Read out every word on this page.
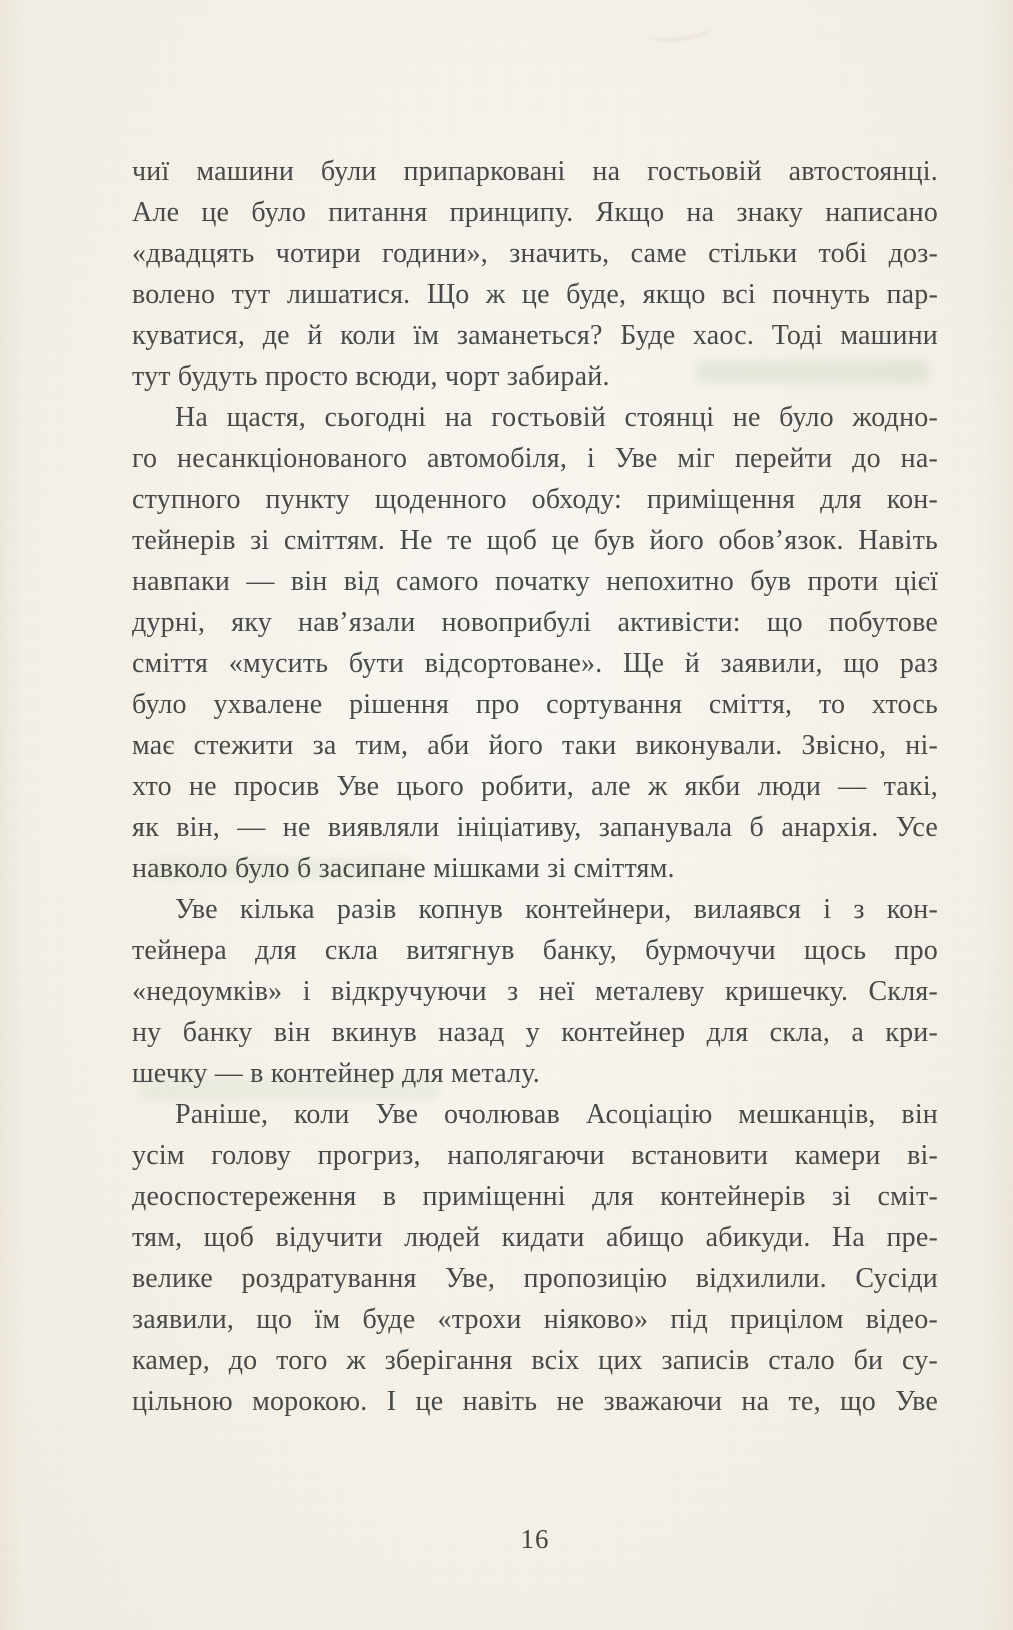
чиї машини були припарковані на гостьовій автостоянці.
Але це було питання принципу. Якщо на знаку написано
«двадцять чотири години», значить, саме стільки тобі доз-
волено тут лишатися. Що ж це буде, якщо всі почнуть пар-
куватися, де й коли їм заманеться? Буде хаос. Тоді машини
тут будуть просто всюди, чорт забирай.
На щастя, сьогодні на гостьовій стоянці не було жодно-
го несанкціонованого автомобіля, і Уве міг перейти до на-
ступного пункту щоденного обходу: приміщення для кон-
тейнерів зі сміттям. Не те щоб це був його обов’язок. Навіть
навпаки — він від самого початку непохитно був проти цієї
дурні, яку нав’язали новоприбулі активісти: що побутове
сміття «мусить бути відсортоване». Ще й заявили, що раз
було ухвалене рішення про сортування сміття, то хтось
має стежити за тим, аби його таки виконували. Звісно, ні-
хто не просив Уве цього робити, але ж якби люди — такі,
як він, — не виявляли ініціативу, запанувала б анархія. Усе
навколо було б засипане мішками зі сміттям.
Уве кілька разів копнув контейнери, вилаявся і з кон-
тейнера для скла витягнув банку, бурмочучи щось про
«недоумків» і відкручуючи з неї металеву кришечку. Скля-
ну банку він вкинув назад у контейнер для скла, а кри-
шечку — в контейнер для металу.
Раніше, коли Уве очолював Асоціацію мешканців, він
усім голову прогриз, наполягаючи встановити камери ві-
деоспостереження в приміщенні для контейнерів зі сміт-
тям, щоб відучити людей кидати абищо абикуди. На пре-
велике роздратування Уве, пропозицію відхилили. Сусіди
заявили, що їм буде «трохи ніяково» під прицілом відео-
камер, до того ж зберігання всіх цих записів стало би су-
цільною морокою. І це навіть не зважаючи на те, що Уве
16
